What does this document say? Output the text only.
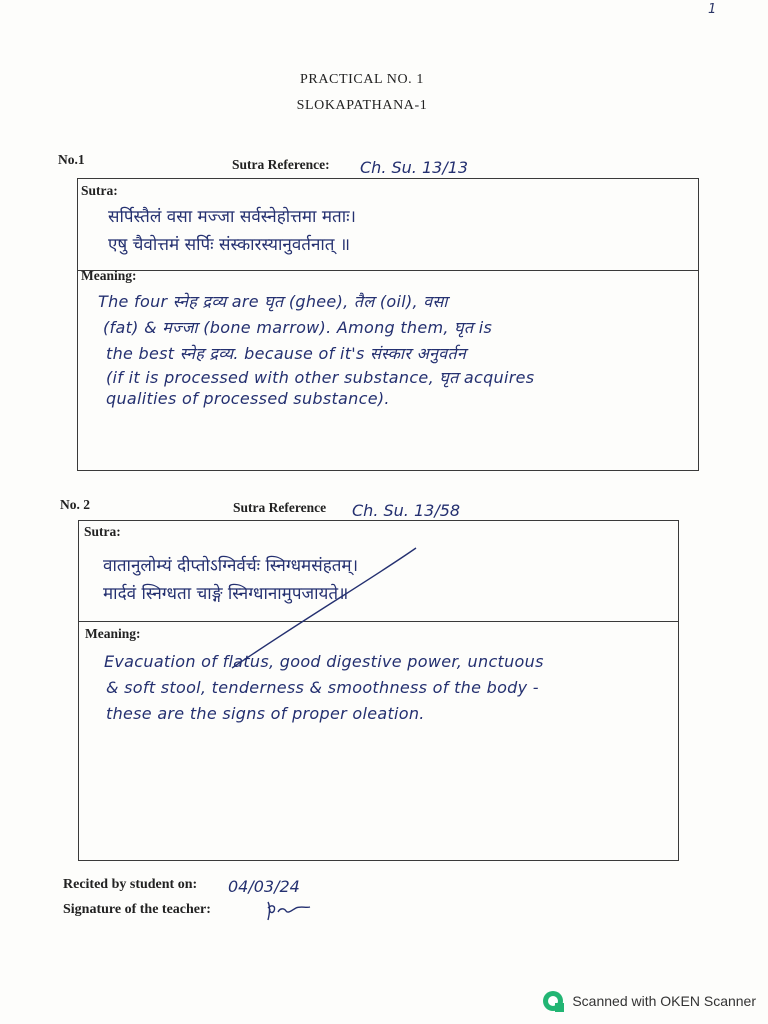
1
PRACTICAL NO. 1
SLOKAPATHANA-1
No.1	Sutra Reference: Ch. Su. 13/13
Sutra:
सर्पिस्तैलं वसा मज्जा सर्वस्नेहोत्तमा मताः।
एषु चैवोत्तमं सर्पिः संस्कारस्यानुवर्तनात् ॥
Meaning:
The four स्नेह द्रव्य are घृत (ghee), तैल (oil), वसा
(fat) & मज्जा (bone marrow). Among them, घृत is
the best स्नेह द्रव्य. because of it's संस्कार अनुवर्तन
(if it is processed with other substance, घृत acquires
qualities of processed substance).
No. 2	Sutra Reference Ch. Su. 13/58
Sutra:
वातानुलोम्यं दीप्तोऽग्निर्वर्चः स्निग्धमसंहतम्।
मार्दवं स्निग्धता चाङ्गे स्निग्धानामुपजायते॥
Meaning:
Evacuation of flatus, good digestive power, unctuous
& soft stool, tenderness & smoothness of the body -
these are the signs of proper oleation.
Recited by student on: 04/03/24
Signature of the teacher:
Scanned with OKEN Scanner
